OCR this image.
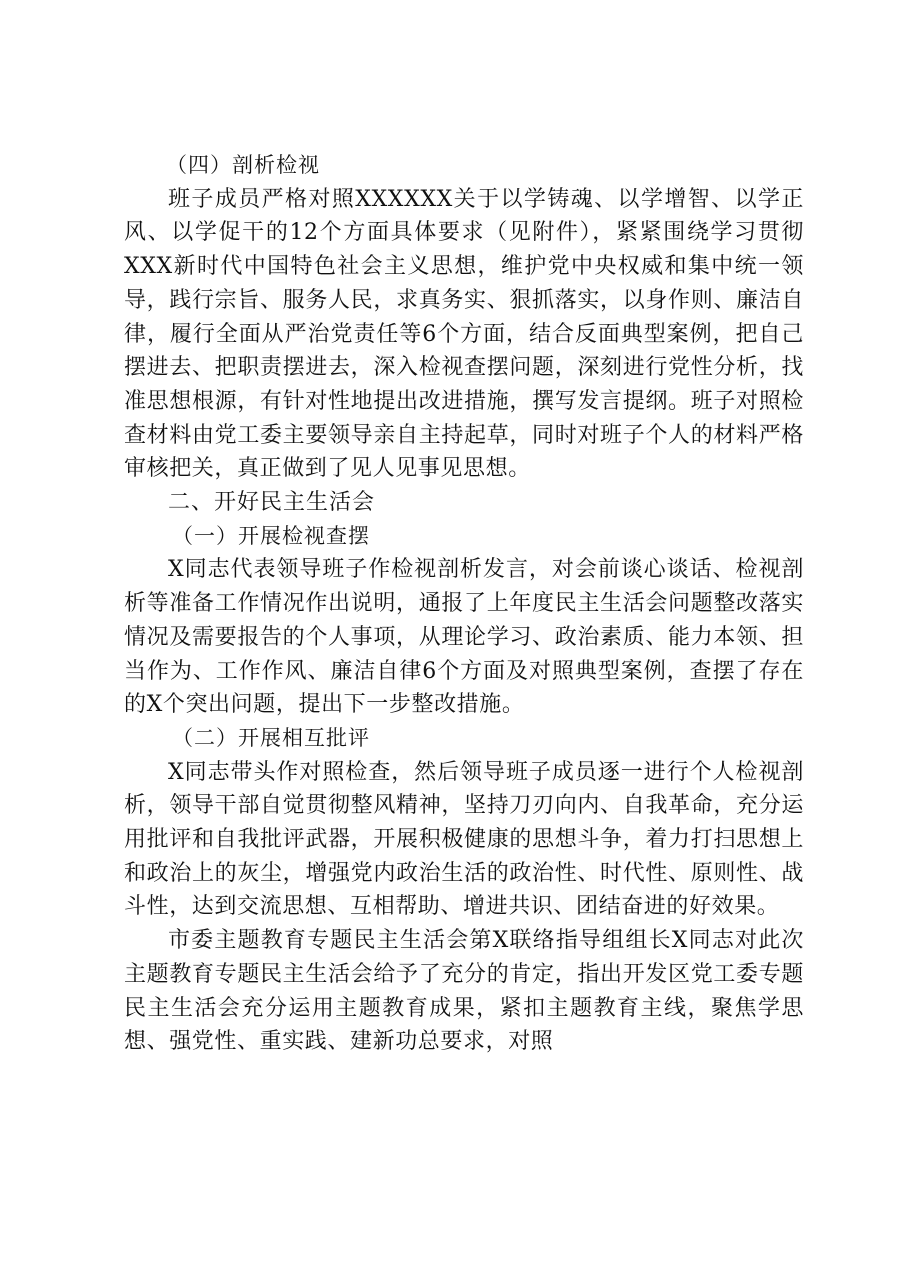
（四）剖析检视

班子成员严格对照XXXXXX关于以学铸魂、以学增智、以学正风、以学促干的12个方面具体要求（见附件），紧紧围绕学习贯彻XXX新时代中国特色社会主义思想，维护党中央权威和集中统一领导，践行宗旨、服务人民，求真务实、狠抓落实，以身作则、廉洁自律，履行全面从严治党责任等6个方面，结合反面典型案例，把自己摆进去、把职责摆进去，深入检视查摆问题，深刻进行党性分析，找准思想根源，有针对性地提出改进措施，撰写发言提纲。班子对照检查材料由党工委主要领导亲自主持起草，同时对班子个人的材料严格审核把关，真正做到了见人见事见思想。

二、开好民主生活会

（一）开展检视查摆

X同志代表领导班子作检视剖析发言，对会前谈心谈话、检视剖析等准备工作情况作出说明，通报了上年度民主生活会问题整改落实情况及需要报告的个人事项，从理论学习、政治素质、能力本领、担当作为、工作作风、廉洁自律6个方面及对照典型案例，查摆了存在的X个突出问题，提出下一步整改措施。

（二）开展相互批评

X同志带头作对照检查，然后领导班子成员逐一进行个人检视剖析，领导干部自觉贯彻整风精神，坚持刀刃向内、自我革命，充分运用批评和自我批评武器，开展积极健康的思想斗争，着力打扫思想上和政治上的灰尘，增强党内政治生活的政治性、时代性、原则性、战斗性，达到交流思想、互相帮助、增进共识、团结奋进的好效果。

市委主题教育专题民主生活会第X联络指导组组长X同志对此次主题教育专题民主生活会给予了充分的肯定，指出开发区党工委专题民主生活会充分运用主题教育成果，紧扣主题教育主线，聚焦学思想、强党性、重实践、建新功总要求，对照
